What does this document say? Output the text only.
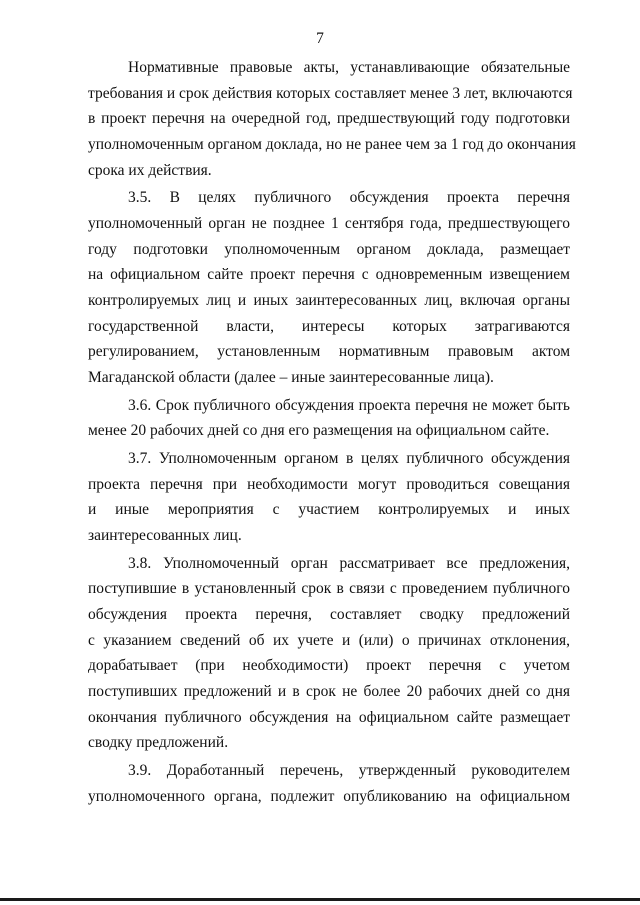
7
Нормативные правовые акты, устанавливающие обязательные
требования и срок действия которых составляет менее 3 лет, включаются
в проект перечня на очередной год, предшествующий году подготовки
уполномоченным органом доклада, но не ранее чем за 1 год до окончания
срока их действия.
3.5. В целях публичного обсуждения проекта перечня
уполномоченный орган не позднее 1 сентября года, предшествующего
году подготовки уполномоченным органом доклада, размещает
на официальном сайте проект перечня с одновременным извещением
контролируемых лиц и иных заинтересованных лиц, включая органы
государственной власти, интересы которых затрагиваются
регулированием, установленным нормативным правовым актом
Магаданской области (далее – иные заинтересованные лица).
3.6. Срок публичного обсуждения проекта перечня не может быть
менее 20 рабочих дней со дня его размещения на официальном сайте.
3.7. Уполномоченным органом в целях публичного обсуждения
проекта перечня при необходимости могут проводиться совещания
и иные мероприятия с участием контролируемых и иных
заинтересованных лиц.
3.8. Уполномоченный орган рассматривает все предложения,
поступившие в установленный срок в связи с проведением публичного
обсуждения проекта перечня, составляет сводку предложений
с указанием сведений об их учете и (или) о причинах отклонения,
дорабатывает (при необходимости) проект перечня с учетом
поступивших предложений и в срок не более 20 рабочих дней со дня
окончания публичного обсуждения на официальном сайте размещает
сводку предложений.
3.9. Доработанный перечень, утвержденный руководителем
уполномоченного органа, подлежит опубликованию на официальном
